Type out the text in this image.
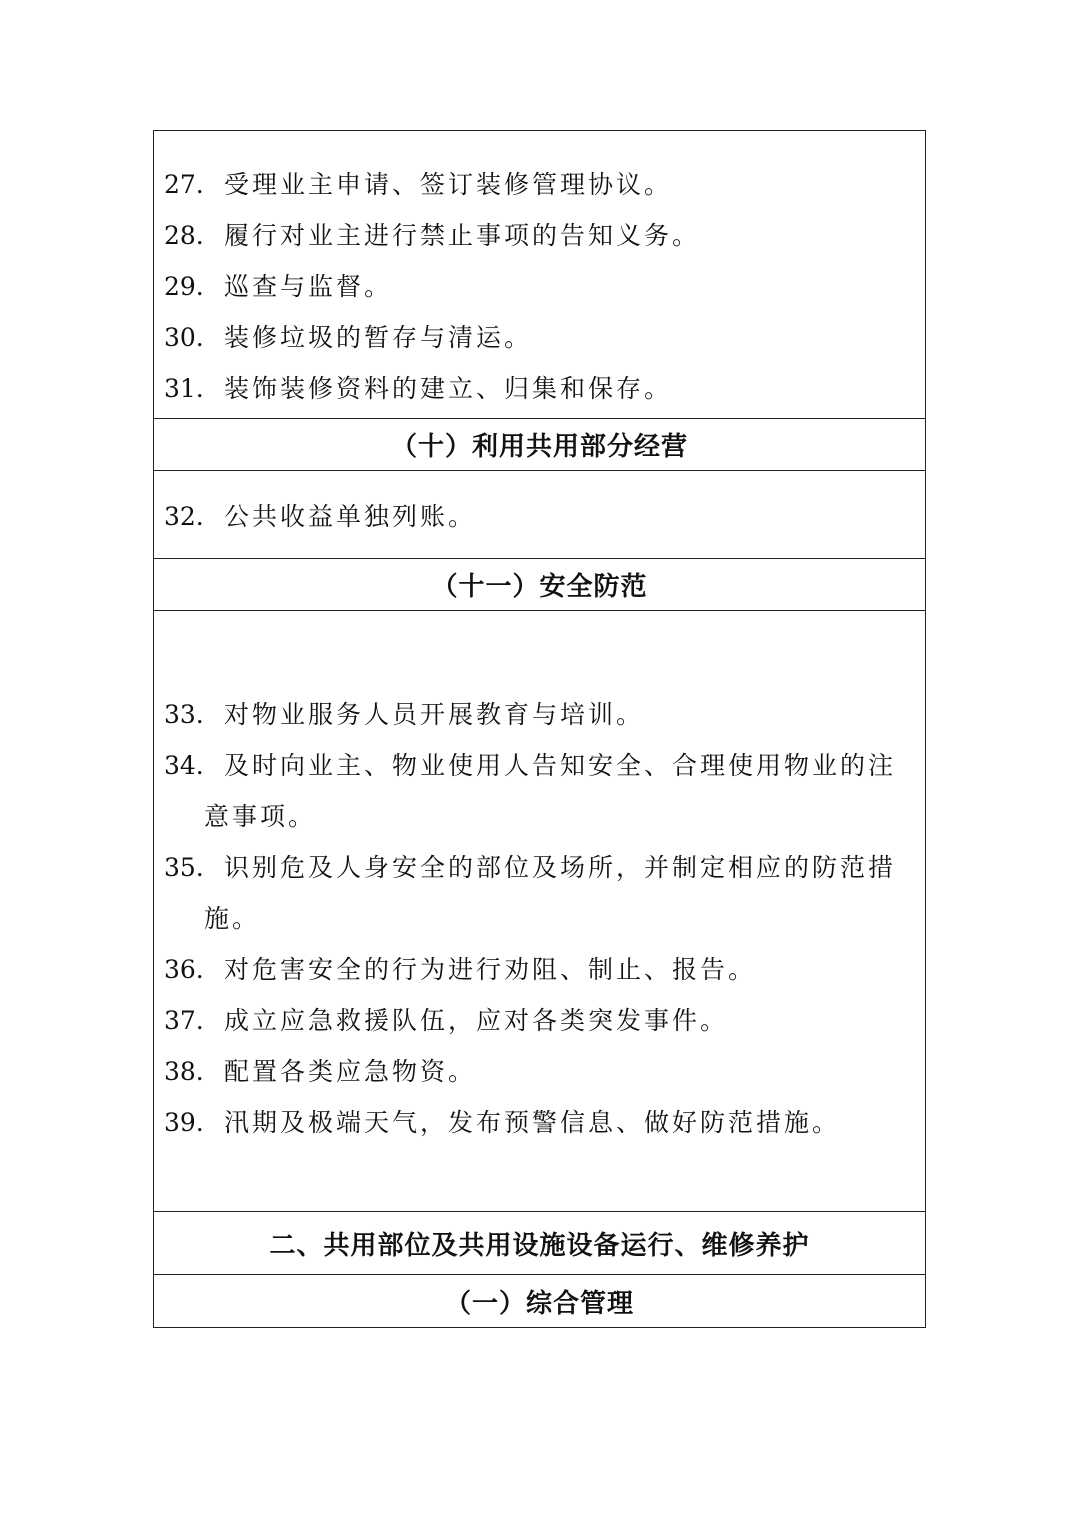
27. 受理业主申请、签订装修管理协议。
28. 履行对业主进行禁止事项的告知义务。
29. 巡查与监督。
30. 装修垃圾的暂存与清运。
31. 装饰装修资料的建立、归集和保存。
（十）利用共用部分经营
32. 公共收益单独列账。
（十一）安全防范
33. 对物业服务人员开展教育与培训。
34. 及时向业主、物业使用人告知安全、合理使用物业的注
意事项。
35. 识别危及人身安全的部位及场所，并制定相应的防范措
施。
36. 对危害安全的行为进行劝阻、制止、报告。
37. 成立应急救援队伍，应对各类突发事件。
38. 配置各类应急物资。
39. 汛期及极端天气，发布预警信息、做好防范措施。
二、共用部位及共用设施设备运行、维修养护
（一）综合管理
